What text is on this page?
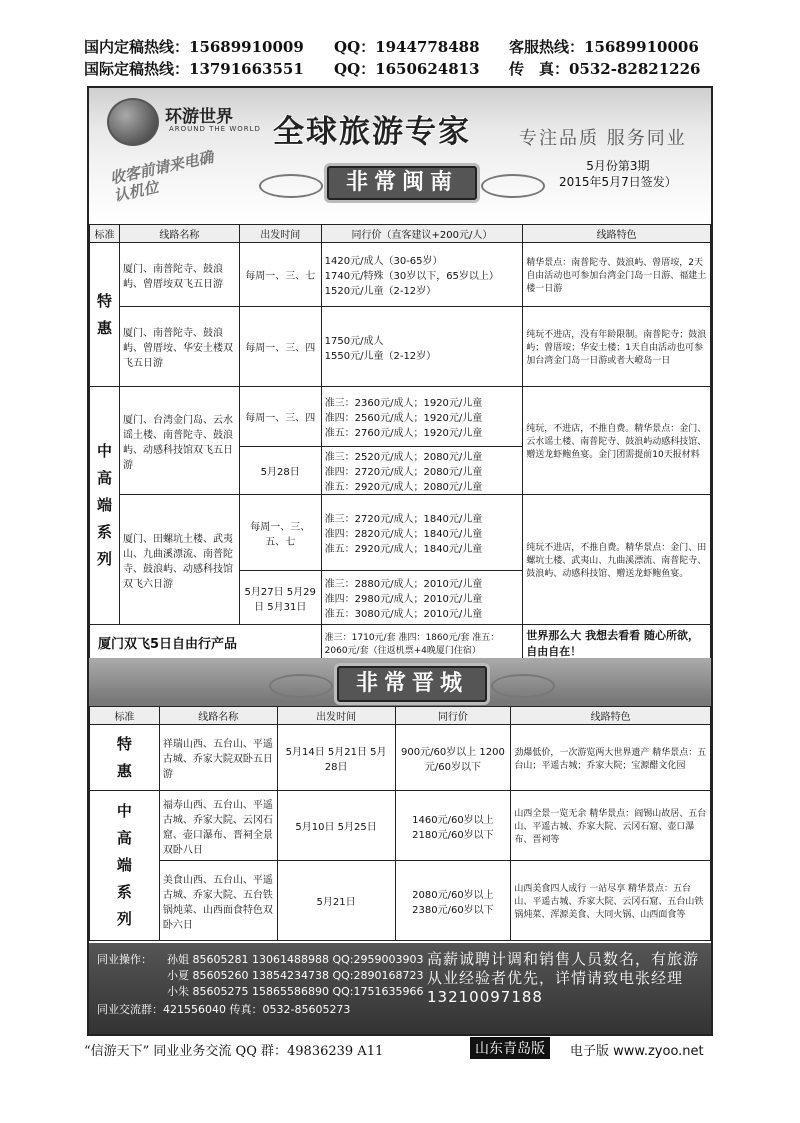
国内定稿热线：15689910009 QQ：1944778488 客服热线：15689910006
国际定稿热线：13791663551 QQ：1650624813 传　真：0532-82821226
环游世界
AROUND THE WORLD 全球旅游专家	专注品质 服务同业
收客前请来电确认机位	非常闽南
5月份第3期
2015年5月7日签发）
标准	线路名称	出发时间	同行价（直客建议+200元/人）	线路特色

特惠	厦门、南普陀寺、鼓浪屿、曾厝垵双飞五日游	每周一、三、七	1420元/成人（30-65岁）
1740元/特殊（30岁以下，65岁以上）
1520元/儿童（2-12岁）	精华景点：南普陀寺、鼓浪屿、曾厝垵，2天自由活动也可参加台湾金门岛一日游、福建土楼一日游
	厦门、南普陀寺、鼓浪屿、曾厝垵、华安土楼双飞五日游	每周一、三、四	1750元/成人
1550元/儿童（2-12岁）	纯玩不进店，没有年龄限制。南普陀寺；鼓浪屿；曾厝垵；华安土楼；1天自由活动也可参加台湾金门岛一日游或者大嶝岛一日

中高端系列	厦门、台湾金门岛、云水谣土楼、南普陀寺、鼓浪屿、动感科技馆双飞五日游	每周一、三、四	准三：2360元/成人；1920元/儿童
准四：2560元/成人；1920元/儿童
准五：2760元/成人；1920元/儿童	纯玩，不进店，不推自费。精华景点：金门、云水谣土楼、南普陀寺、鼓浪屿动感科技馆、赠送龙虾鲍鱼宴。金门团需提前10天报材料
		5月28日	准三：2520元/成人；2080元/儿童
准四：2720元/成人；2080元/儿童
准五：2920元/成人；2080元/儿童	

	厦门、田螺坑土楼、武夷山、九曲溪漂流、南普陀寺、鼓浪屿、动感科技馆双飞六日游	每周一、三、五、七	准三：2720元/成人；1840元/儿童
准四：2820元/成人；1840元/儿童
准五：2920元/成人；1840元/儿童	纯玩不进店，不推自费。精华景点：金门、田螺坑土楼、武夷山、九曲溪漂流、南普陀寺、鼓浪屿、动感科技馆、赠送龙虾鲍鱼宴。
		5月27日 5月29日 5月31日	准三：2880元/成人；2010元/儿童
准四：2980元/成人；2010元/儿童
准五：3080元/成人；2010元/儿童	

厦门双飞5日自由行产品			准三：1710元/套 准四：1860元/套 准五：2060元/套（往返机票+4晚厦门住宿）	世界那么大 我想去看看 随心所欲，自由自在！
非常晋城
标准	线路名称	出发时间	同行价	线路特色

特惠	祥瑞山西、五台山、平遥古城、乔家大院双卧五日游	5月14日 5月21日 5月28日	900元/60岁以上 1200元/60岁以下	劲爆低价，一次游览两大世界遗产 精华景点：五台山；平遥古城；乔家大院；宝源醋文化园

中高端系列	福寿山西、五台山、平遥古城、乔家大院、云冈石窟、壶口瀑布、晋祠全景双卧八日	5月10日 5月25日	1460元/60岁以上 2180元/60岁以下	山西全景一览无余 精华景点：阎锡山故居、五台山、平遥古城、乔家大院、云冈石窟、壶口瀑布、晋祠等
	美食山西、五台山、平遥古城、乔家大院、五台铁锅炖菜、山西面食特色双卧六日	5月21日	2080元/60岁以上 2380元/60岁以下	山西美食四人成行 一站尽享 精华景点：五台山、平遥古城、乔家大院、云冈石窟、五台山铁锅炖菜、浑源美食、大同火锅、山西面食等
同业操作： 孙姐 85605281 13061488988 QQ:2959003903
小夏 85605260 13854234738 QQ:2890168723
小朱 85605275 15865586890 QQ:1751635966
同业交流群：421556040 传真：0532-85605273
高薪诚聘计调和销售人员数名，有旅游从业经验者优先，详情请致电张经理 13210097188
“信游天下” 同业业务交流 QQ 群：49836239 A11	山东青岛版	电子版 www.zyoo.net
